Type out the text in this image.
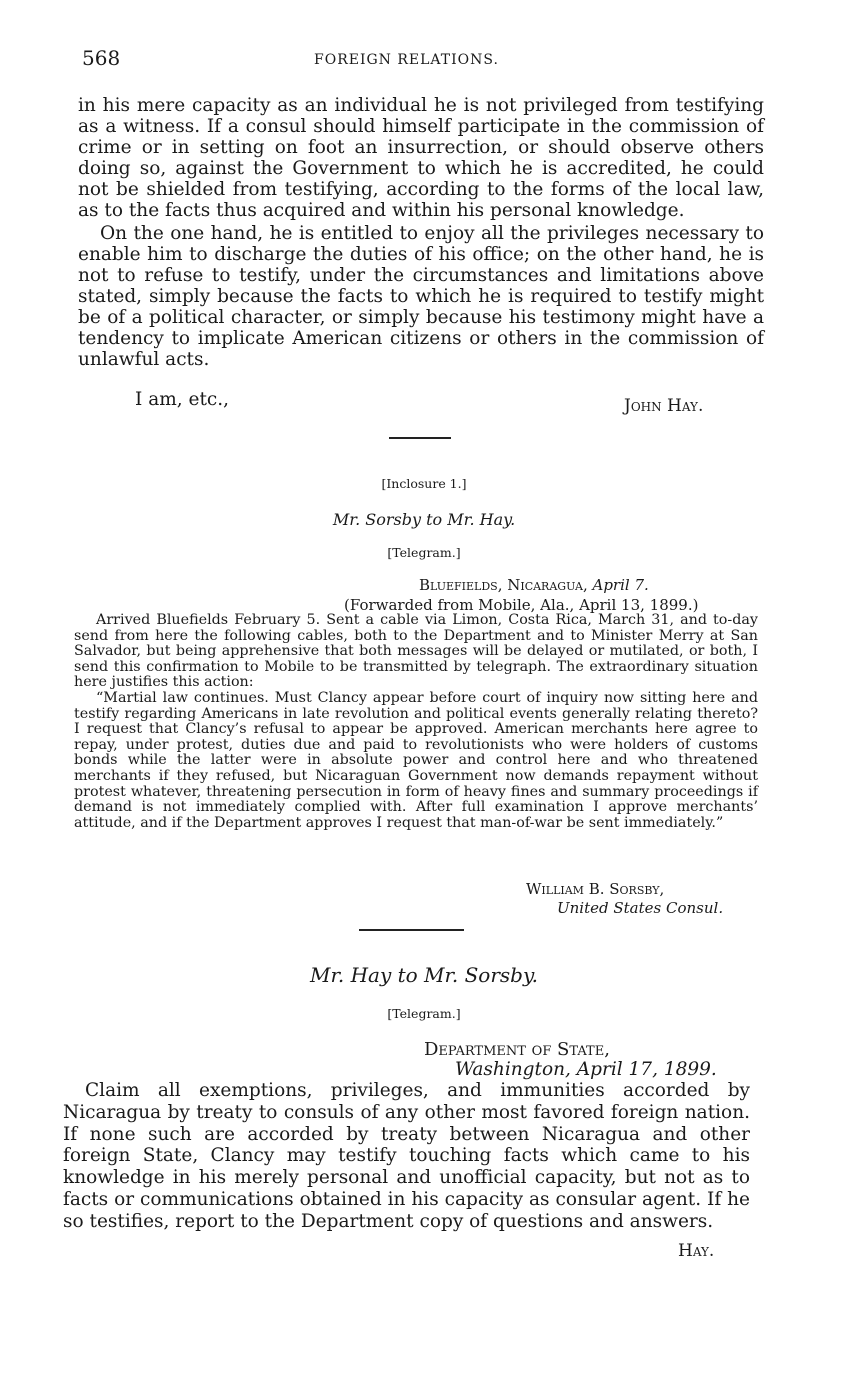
568	FOREIGN RELATIONS.

in his mere capacity as an individual he is not privileged from testifying as a witness. If a consul should himself participate in the commission of crime or in setting on foot an insurrection, or should observe others doing so, against the Government to which he is accredited, he could not be shielded from testifying, according to the forms of the local law, as to the facts thus acquired and within his personal knowledge.

On the one hand, he is entitled to enjoy all the privileges necessary to enable him to discharge the duties of his office; on the other hand, he is not to refuse to testify, under the circumstances and limitations above stated, simply because the facts to which he is required to testify might be of a political character, or simply because his testimony might have a tendency to implicate American citizens or others in the commission of unlawful acts.

I am, etc.,	John Hay.
[Inclosure 1.]
Mr. Sorsby to Mr. Hay.
[Telegram.]
Bluefields, Nicaragua, April 7.
(Forwarded from Mobile, Ala., April 13, 1899.)

Arrived Bluefields February 5. Sent a cable via Limon, Costa Rica, March 31, and to-day send from here the following cables, both to the Department and to Minister Merry at San Salvador, but being apprehensive that both messages will be delayed or mutilated, or both, I send this confirmation to Mobile to be transmitted by telegraph. The extraordinary situation here justifies this action:

“Martial law continues. Must Clancy appear before court of inquiry now sitting here and testify regarding Americans in late revolution and political events generally relating thereto? I request that Clancy’s refusal to appear be approved. American merchants here agree to repay, under protest, duties due and paid to revolutionists who were holders of customs bonds while the latter were in absolute power and control here and who threatened merchants if they refused, but Nicaraguan Government now demands repayment without protest whatever, threatening persecution in form of heavy fines and summary proceedings if demand is not immediately complied with. After full examination I approve merchants’ attitude, and if the Department approves I request that man-of-war be sent immediately.”

William B. Sorsby,
United States Consul.
Mr. Hay to Mr. Sorsby.
[Telegram.]
Department of State,
Washington, April 17, 1899.

Claim all exemptions, privileges, and immunities accorded by Nicaragua by treaty to consuls of any other most favored foreign nation. If none such are accorded by treaty between Nicaragua and other foreign State, Clancy may testify touching facts which came to his knowledge in his merely personal and unofficial capacity, but not as to facts or communications obtained in his capacity as consular agent. If he so testifies, report to the Department copy of questions and answers.

Hay.
